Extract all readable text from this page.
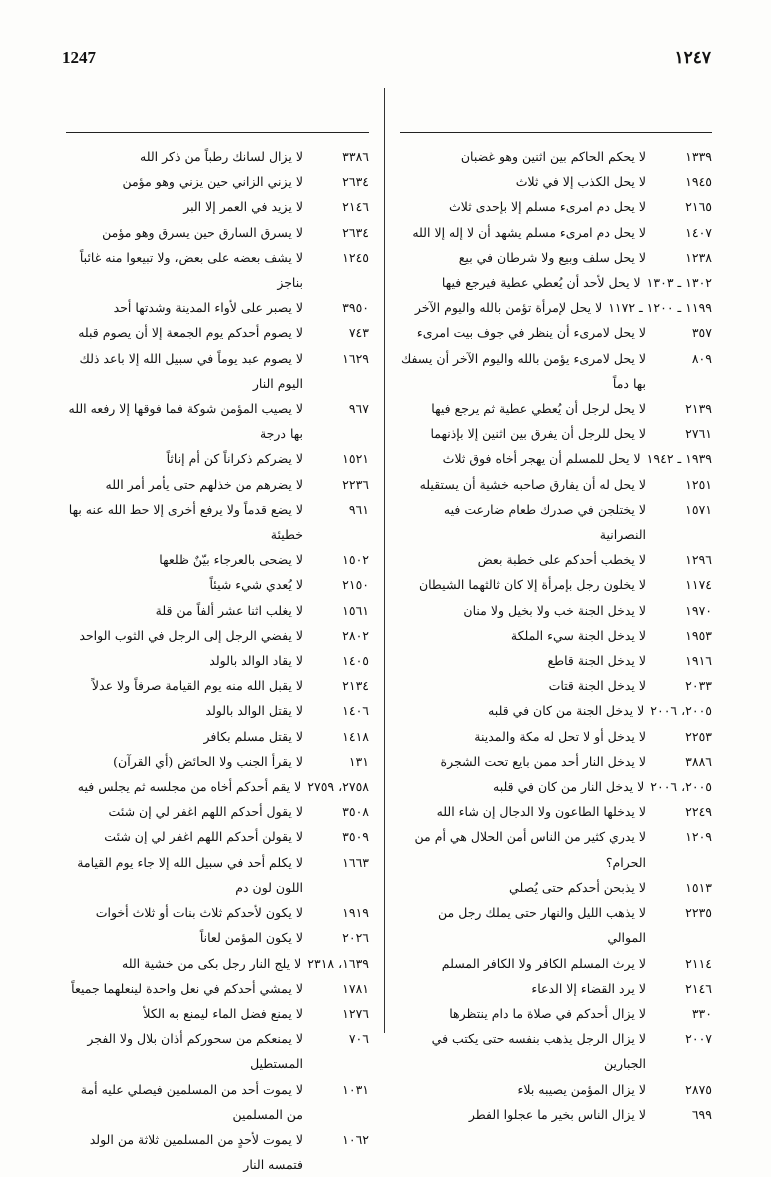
1247	١٢٤٧
١٣٣٩
لا يحكم الحاكم بين اثنين وهو غضبان
١٩٤٥
لا يحل الكذب إلا في ثلاث
٢١٦٥
لا يحل دم امرىء مسلم إلا بإحدى ثلاث
١٤٠٧
لا يحل دم امرىء مسلم يشهد أن لا إله إلا الله
١٢٣٨
لا يحل سلف وبيع ولا شرطان في بيع
١٣٠٢ ـ ١٣٠٣
لا يحل لأحد أن يُعطي عطية فيرجع فيها
١١٩٩ ـ ١٢٠٠ ـ ١١٧٢
لا يحل لإمرأة تؤمن بالله واليوم الآخر
٣٥٧
لا يحل لامرىء أن ينظر في جوف بيت امرىء
٨٠٩
لا يحل لامرىء يؤمن بالله واليوم الآخر أن يسفك بها دماً
٢١٣٩
لا يحل لرجل أن يُعطي عطية ثم يرجع فيها
٢٧٦١
لا يحل للرجل أن يفرق بين اثنين إلا بإذنهما
١٩٣٩ ـ ١٩٤٢
لا يحل للمسلم أن يهجر أخاه فوق ثلاث
١٢٥١
لا يحل له أن يفارق صاحبه خشية أن يستقيله
١٥٧١
لا يختلجن في صدرك طعام ضارعت فيه النصرانية
١٢٩٦
لا يخطب أحدكم على خطبة بعض
١١٧٤
لا يخلون رجل بإمرأة إلا كان ثالثهما الشيطان
١٩٧٠
لا يدخل الجنة خب ولا بخيل ولا منان
١٩٥٣
لا يدخل الجنة سيء الملكة
١٩١٦
لا يدخل الجنة قاطع
٢٠٣٣
لا يدخل الجنة قتات
٢٠٠٥، ٢٠٠٦
لا يدخل الجنة من كان في قلبه
٢٢٥٣
لا يدخل أو لا تحل له مكة والمدينة
٣٨٨٦
لا يدخل النار أحد ممن بايع تحت الشجرة
٢٠٠٥، ٢٠٠٦
لا يدخل النار من كان في قلبه
٢٢٤٩
لا يدخلها الطاعون ولا الدجال إن شاء الله
١٢٠٩
لا يدري كثير من الناس أمن الحلال هي أم من الحرام؟
١٥١٣
لا يذبحن أحدكم حتى يُصلي
٢٢٣٥
لا يذهب الليل والنهار حتى يملك رجل من الموالي
٢١١٤
لا يرث المسلم الكافر ولا الكافر المسلم
٢١٤٦
لا يرد القضاء إلا الدعاء
٣٣٠
لا يزال أحدكم في صلاة ما دام ينتظرها
٢٠٠٧
لا يزال الرجل يذهب بنفسه حتى يكتب في الجبارين
٢٨٧٥
لا يزال المؤمن يصيبه بلاء
٦٩٩
لا يزال الناس بخير ما عجلوا الفطر
٣٣٨٦
لا يزال لسانك رطباً من ذكر الله
٢٦٣٤
لا يزني الزاني حين يزني وهو مؤمن
٢١٤٦
لا يزيد في العمر إلا البر
٢٦٣٤
لا يسرق السارق حين يسرق وهو مؤمن
١٢٤٥
لا يشف بعضه على بعض، ولا تبيعوا منه غائباً بناجز
٣٩٥٠
لا يصبر على لأواء المدينة وشدتها أحد
٧٤٣
لا يصوم أحدكم يوم الجمعة إلا أن يصوم قبله
١٦٢٩
لا يصوم عبد يوماً في سبيل الله إلا باعد ذلك اليوم النار
٩٦٧
لا يصيب المؤمن شوكة فما فوقها إلا رفعه الله بها درجة
١٥٢١
لا يضركم ذكراناً كن أم إناثاً
٢٢٣٦
لا يضرهم من خذلهم حتى يأمر أمر الله
٩٦١
لا يضع قدماً ولا يرفع أخرى إلا حط الله عنه بها خطيئة
١٥٠٢
لا يضحى بالعرجاء بيّنٌ ظلعها
٢١٥٠
لا يُعدي شيء شيئاً
١٥٦١
لا يغلب اثنا عشر ألفاً من قلة
٢٨٠٢
لا يفضي الرجل إلى الرجل في الثوب الواحد
١٤٠٥
لا يقاد الوالد بالولد
٢١٣٤
لا يقبل الله منه يوم القيامة صرفاً ولا عدلاً
١٤٠٦
لا يقتل الوالد بالولد
١٤١٨
لا يقتل مسلم بكافر
١٣١
لا يقرأ الجنب ولا الحائض (أي القرآن)
٢٧٥٨، ٢٧٥٩
لا يقم أحدكم أخاه من مجلسه ثم يجلس فيه
٣٥٠٨
لا يقول أحدكم اللهم اغفر لي إن شئت
٣٥٠٩
لا يقولن أحدكم اللهم اغفر لي إن شئت
١٦٦٣
لا يكلم أحد في سبيل الله إلا جاء يوم القيامة اللون لون دم
١٩١٩
لا يكون لأحدكم ثلاث بنات أو ثلاث أخوات
٢٠٢٦
لا يكون المؤمن لعاناً
١٦٣٩، ٢٣١٨
لا يلج النار رجل بكى من خشية الله
١٧٨١
لا يمشي أحدكم في نعل واحدة لينعلهما جميعاً
١٢٧٦
لا يمنع فضل الماء ليمنع به الكلأ
٧٠٦
لا يمنعكم من سحوركم أذان بلال ولا الفجر المستطيل
١٠٣١
لا يموت أحد من المسلمين فيصلي عليه أمة من المسلمين
١٠٦٢
لا يموت لأحدٍ من المسلمين ثلاثة من الولد فتمسه النار
